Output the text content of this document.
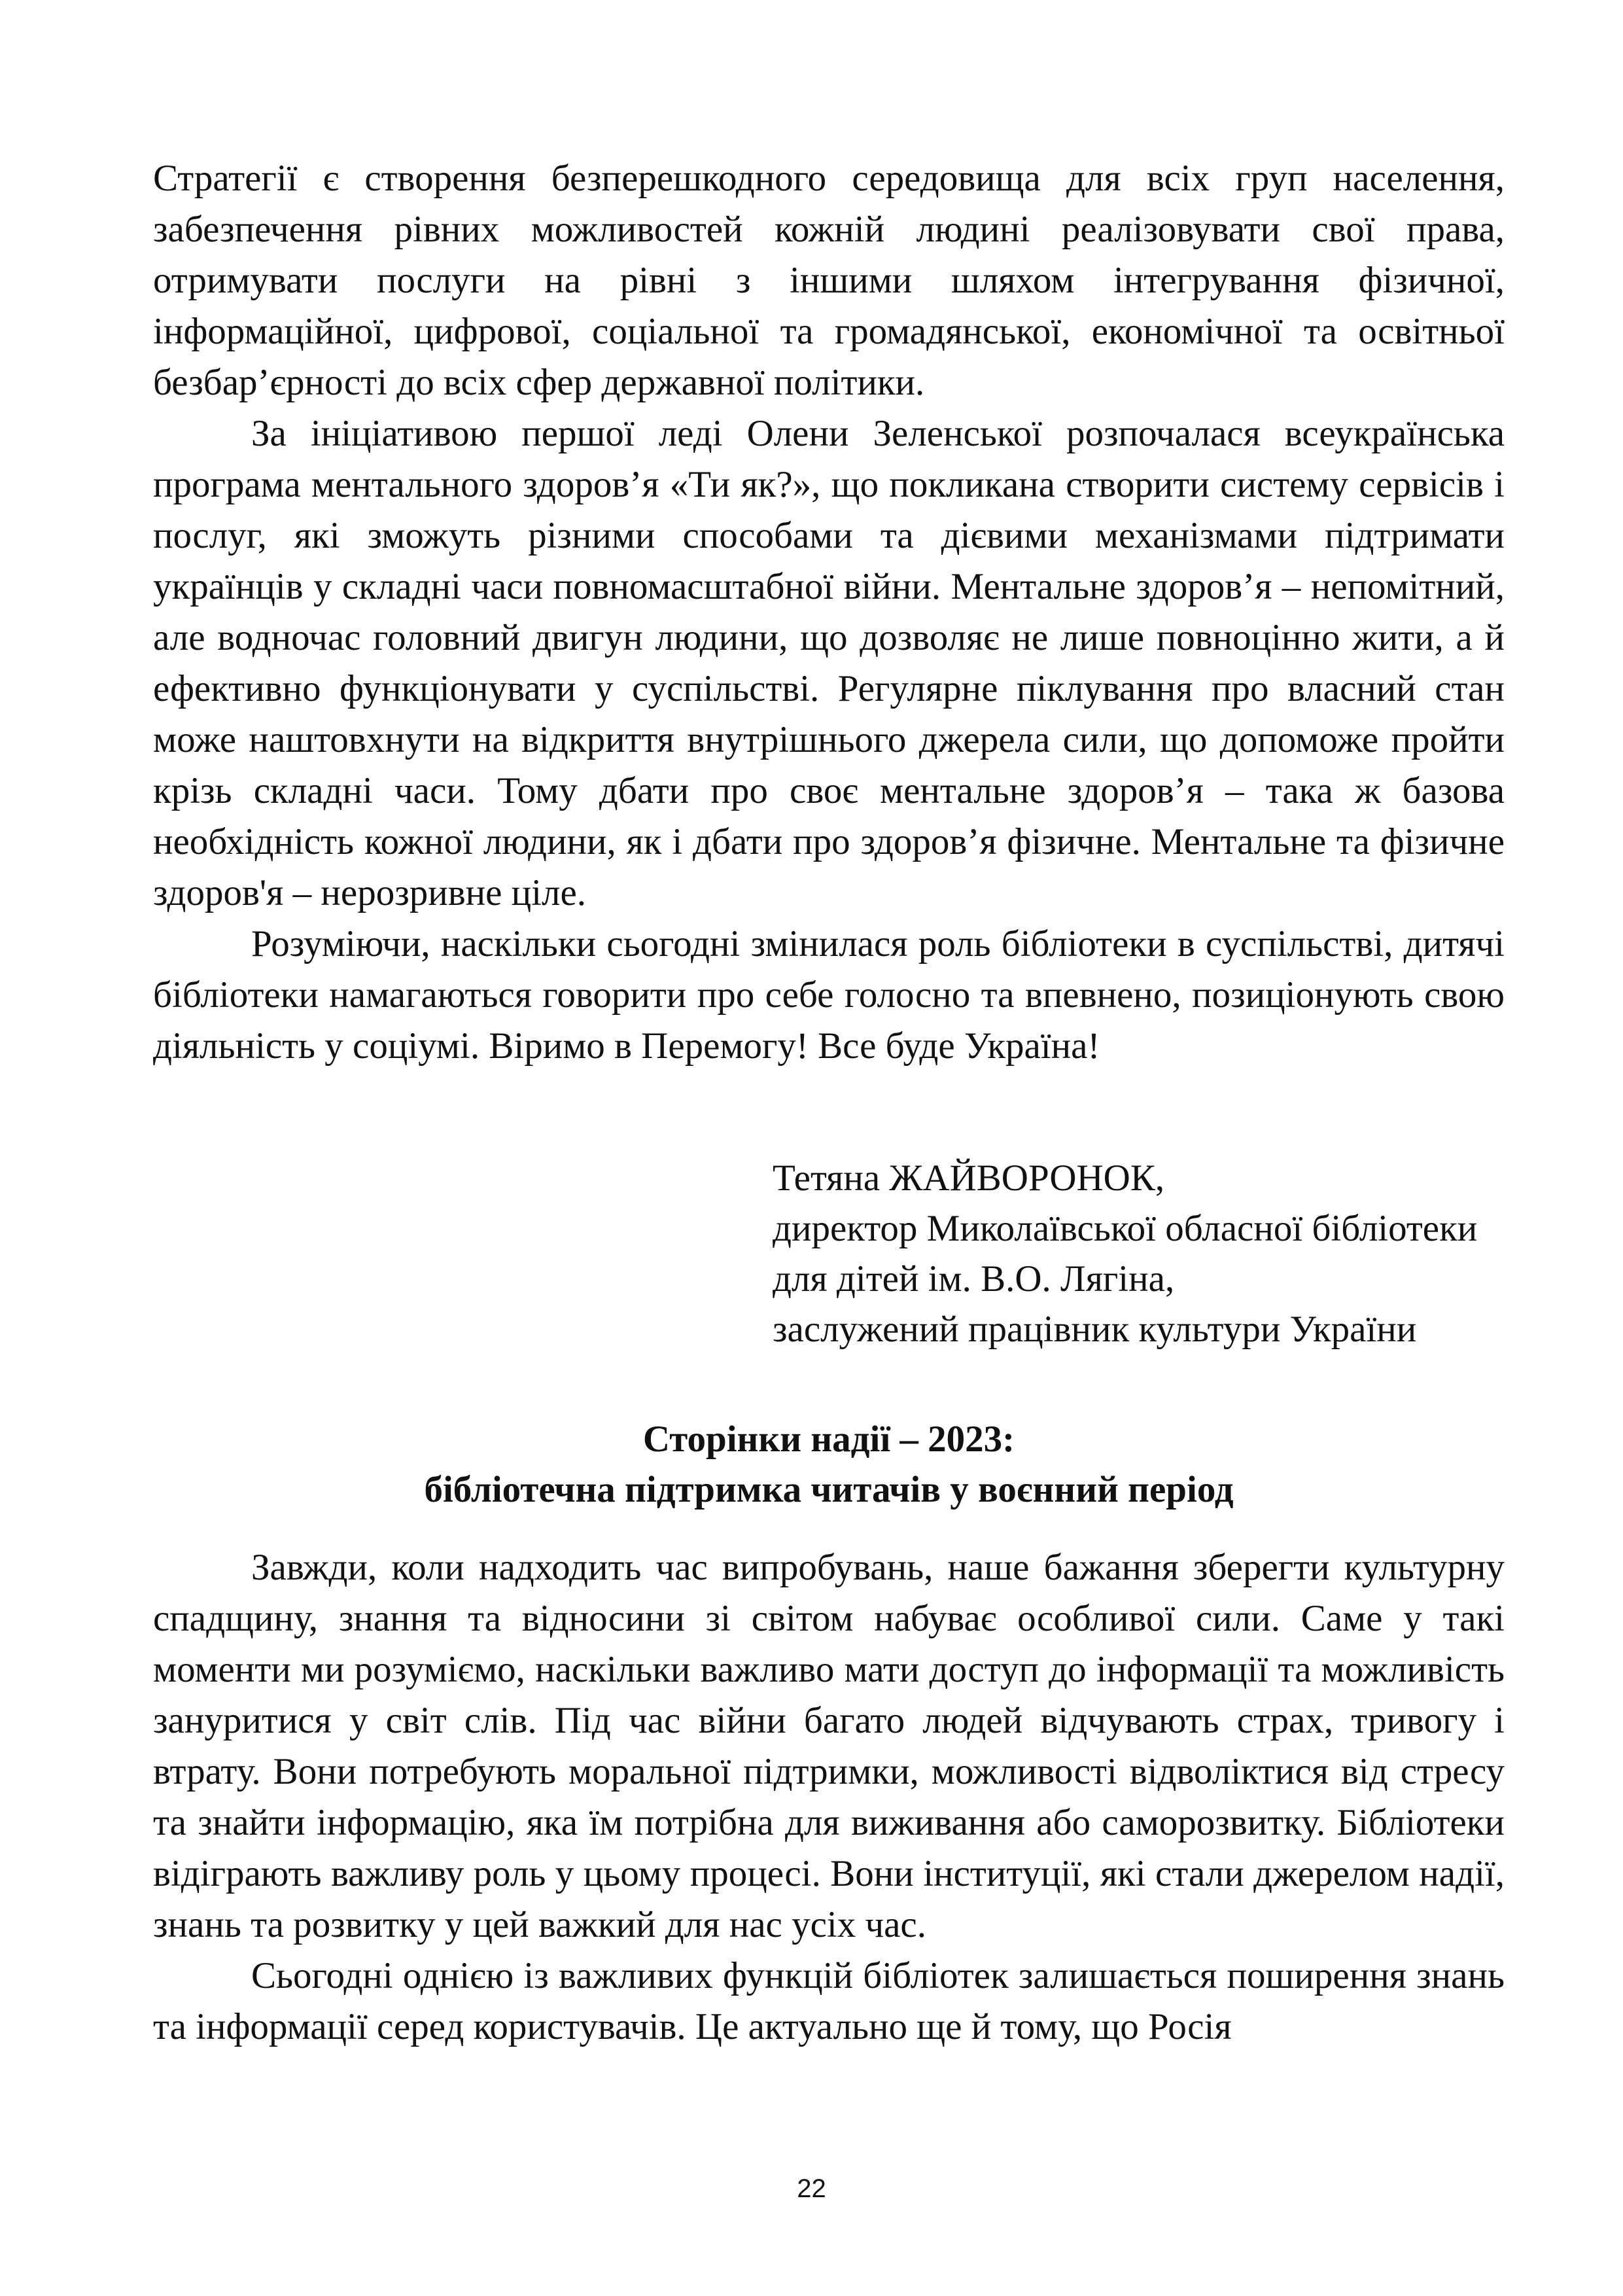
Стратегії є створення безперешкодного середовища для всіх груп населення, забезпечення рівних можливостей кожній людині реалізовувати свої права, отримувати послуги на рівні з іншими шляхом інтегрування фізичної, інформаційної, цифрової, соціальної та громадянської, економічної та освітньої безбар’єрності до всіх сфер державної політики.

За ініціативою першої леді Олени Зеленської розпочалася всеукраїнська програма ментального здоров’я «Ти як?», що покликана створити систему сервісів і послуг, які зможуть різними способами та дієвими механізмами підтримати українців у складні часи повномасштабної війни. Ментальне здоров’я – непомітний, але водночас головний двигун людини, що дозволяє не лише повноцінно жити, а й ефективно функціонувати у суспільстві. Регулярне піклування про власний стан може наштовхнути на відкриття внутрішнього джерела сили, що допоможе пройти крізь складні часи. Тому дбати про своє ментальне здоров’я – така ж базова необхідність кожної людини, як і дбати про здоров’я фізичне. Ментальне та фізичне здоров'я – нерозривне ціле.

Розуміючи, наскільки сьогодні змінилася роль бібліотеки в суспільстві, дитячі бібліотеки намагаються говорити про себе голосно та впевнено, позиціонують свою діяльність у соціумі. Віримо в Перемогу! Все буде Україна!

Тетяна ЖАЙВОРОНОК,
директор Миколаївської обласної бібліотеки
для дітей ім. В.О. Лягіна,
заслужений працівник культури України
Сторінки надії – 2023:
бібліотечна підтримка читачів у воєнний період

Завжди, коли надходить час випробувань, наше бажання зберегти культурну спадщину, знання та відносини зі світом набуває особливої сили. Саме у такі моменти ми розуміємо, наскільки важливо мати доступ до інформації та можливість зануритися у світ слів. Під час війни багато людей відчувають страх, тривогу і втрату. Вони потребують моральної підтримки, можливості відволіктися від стресу та знайти інформацію, яка їм потрібна для виживання або саморозвитку. Бібліотеки відіграють важливу роль у цьому процесі. Вони інституції, які стали джерелом надії, знань та розвитку у цей важкий для нас усіх час.

Сьогодні однією із важливих функцій бібліотек залишається поширення знань та інформації серед користувачів. Це актуально ще й тому, що Росія

22
